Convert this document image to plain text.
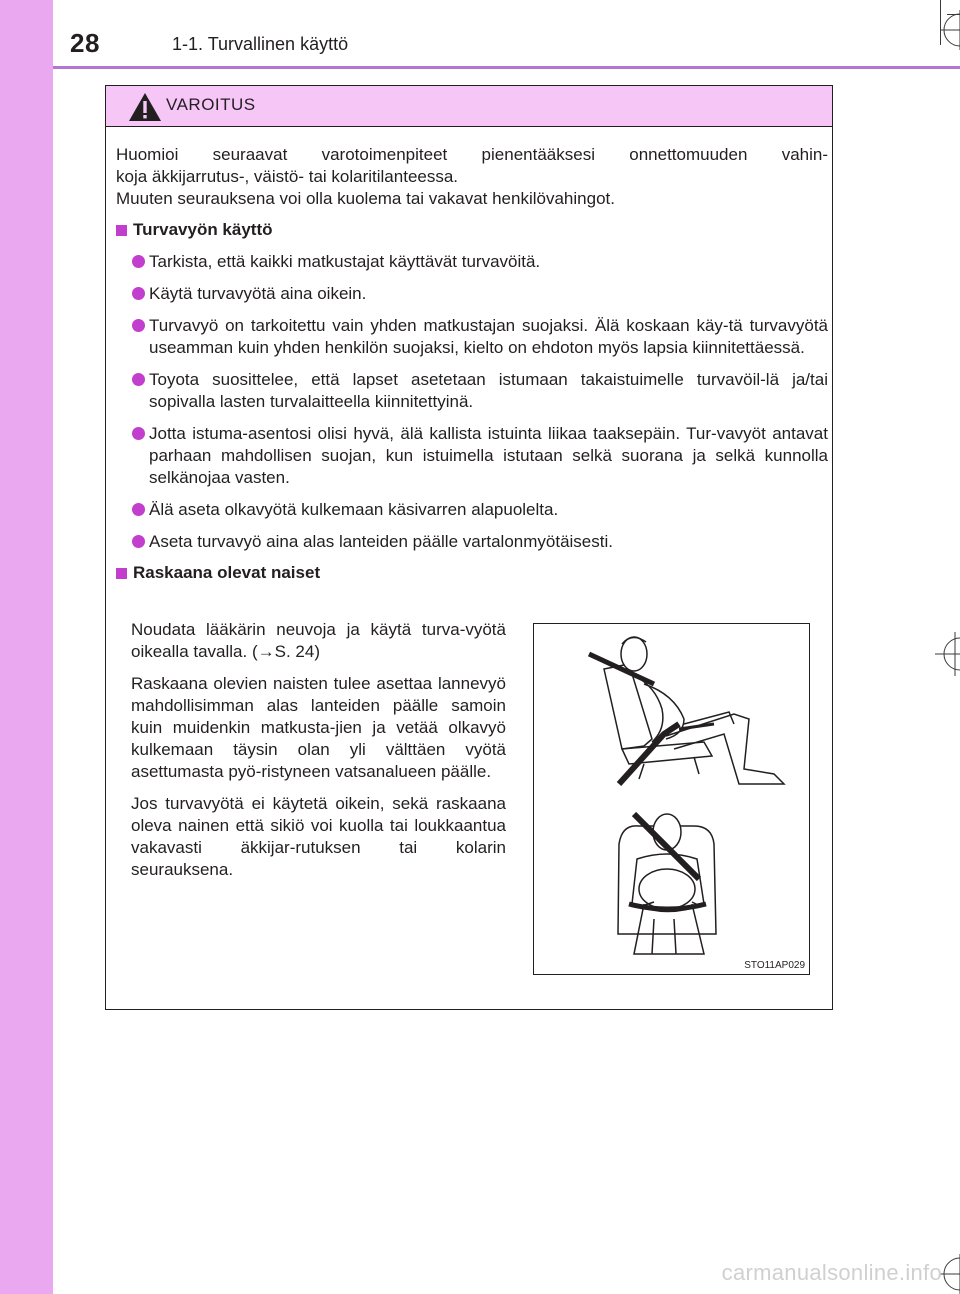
28	1-1. Turvallinen käyttö
VAROITUS

Huomioi seuraavat varotoimenpiteet pienentääksesi onnettomuuden vahin-

koja äkkijarrutus-, väistö- tai kolaritilanteessa.

Muuten seurauksena voi olla kuolema tai vakavat henkilövahingot.

Turvavyön käyttö
Tarkista, että kaikki matkustajat käyttävät turvavöitä.
Käytä turvavyötä aina oikein.
Turvavyö on tarkoitettu vain yhden matkustajan suojaksi. Älä koskaan käy-tä turvavyötä useamman kuin yhden henkilön suojaksi, kielto on ehdoton myös lapsia kiinnitettäessä.
Toyota suosittelee, että lapset asetetaan istumaan takaistuimelle turvavöil-lä ja/tai sopivalla lasten turvalaitteella kiinnitettyinä.
Jotta istuma-asentosi olisi hyvä, älä kallista istuinta liikaa taaksepäin. Tur-vavyöt antavat parhaan mahdollisen suojan, kun istuimella istutaan selkä suorana ja selkä kunnolla selkänojaa vasten.
Älä aseta olkavyötä kulkemaan käsivarren alapuolelta.
Aseta turvavyö aina alas lanteiden päälle vartalonmyötäisesti.
Raskaana olevat naiset

Noudata lääkärin neuvoja ja käytä turva-vyötä oikealla tavalla. (→S. 24)

Raskaana olevien naisten tulee asettaa lannevyö mahdollisimman alas lanteiden päälle samoin kuin muidenkin matkusta-jien ja vetää olkavyö kulkemaan täysin olan yli välttäen vyötä asettumasta pyö-ristyneen vatsanalueen päälle.

Jos turvavyötä ei käytetä oikein, sekä raskaana oleva nainen että sikiö voi kuolla tai loukkaantua vakavasti äkkijar-rutuksen tai kolarin seurauksena.

STO11AP029
carmanualsonline.info
